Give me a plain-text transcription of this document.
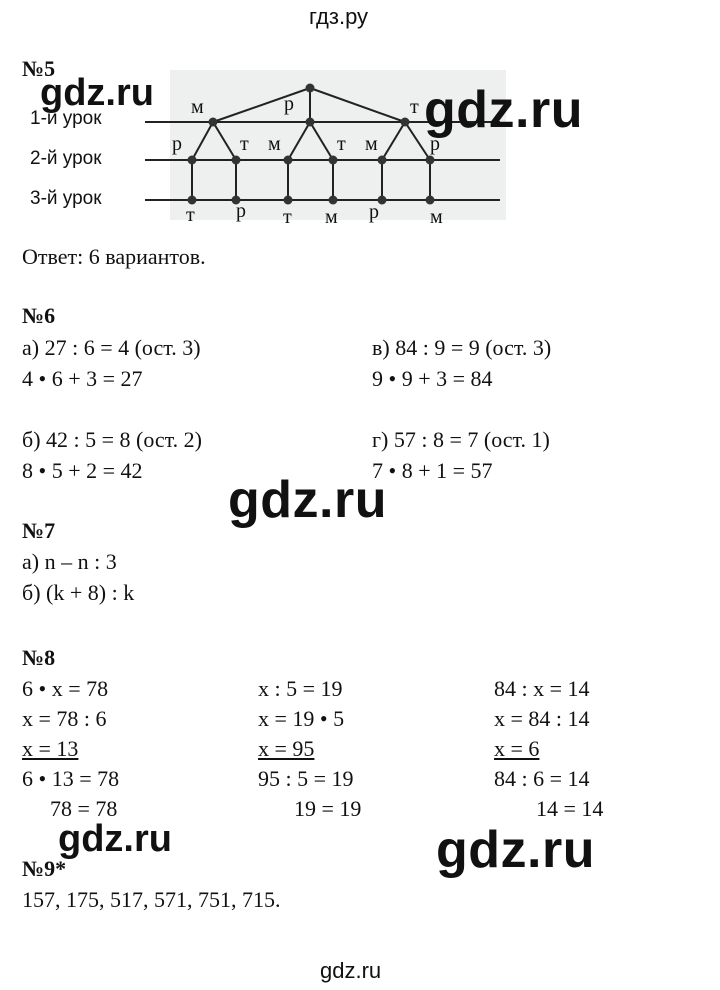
гдз.ру
№5
1-й урок
2-й урок
3-й урок
м	р	т
р	т м	т м	р
т р т м р	м
Ответ: 6 вариантов.
№6
а) 27 : 6 = 4 (ост. 3)
4 • 6 + 3 = 27
в) 84 : 9 = 9 (ост. 3)
9 • 9 + 3 = 84
б) 42 : 5 = 8 (ост. 2)
8 • 5 + 2 = 42
г) 57 : 8 = 7 (ост. 1)
7 • 8 + 1 = 57
№7
а) n – n : 3
б) (k + 8) : k
№8
6 • x = 78
x = 78 : 6
x = 13
6 • 13 = 78
78 = 78
x : 5 = 19
x = 19 • 5
x = 95
95 : 5 = 19
19 = 19
84 : x = 14
x = 84 : 14
x = 6
84 : 6 = 14
14 = 14
№9*
157, 175, 517, 571, 751, 715.
gdz.ru	gdz.ru
gdz.ru
gdz.ru	gdz.ru
gdz.ru
